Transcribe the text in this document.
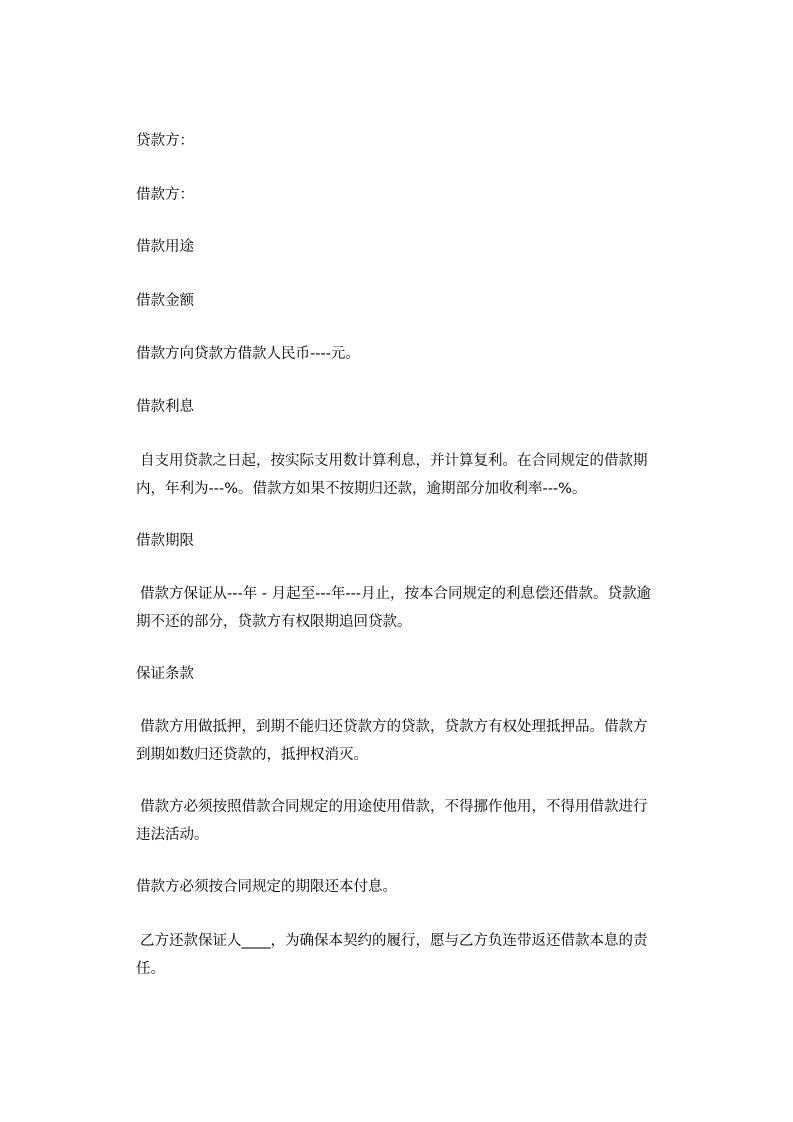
贷款方：
借款方：
借款用途
借款金额
借款方向贷款方借款人民币----元。
借款利息
自支用贷款之日起，按实际支用数计算利息，并计算复利。在合同规定的借款期
内，年利为---%。借款方如果不按期归还款，逾期部分加收利率---%。
借款期限
借款方保证从---年 - 月起至---年---月止，按本合同规定的利息偿还借款。贷款逾
期不还的部分，贷款方有权限期追回贷款。
保证条款
借款方用做抵押，到期不能归还贷款方的贷款，贷款方有权处理抵押品。借款方
到期如数归还贷款的，抵押权消灭。
借款方必须按照借款合同规定的用途使用借款，不得挪作他用，不得用借款进行
违法活动。
借款方必须按合同规定的期限还本付息。
乙方还款保证人____，为确保本契约的履行，愿与乙方负连带返还借款本息的责
任。
